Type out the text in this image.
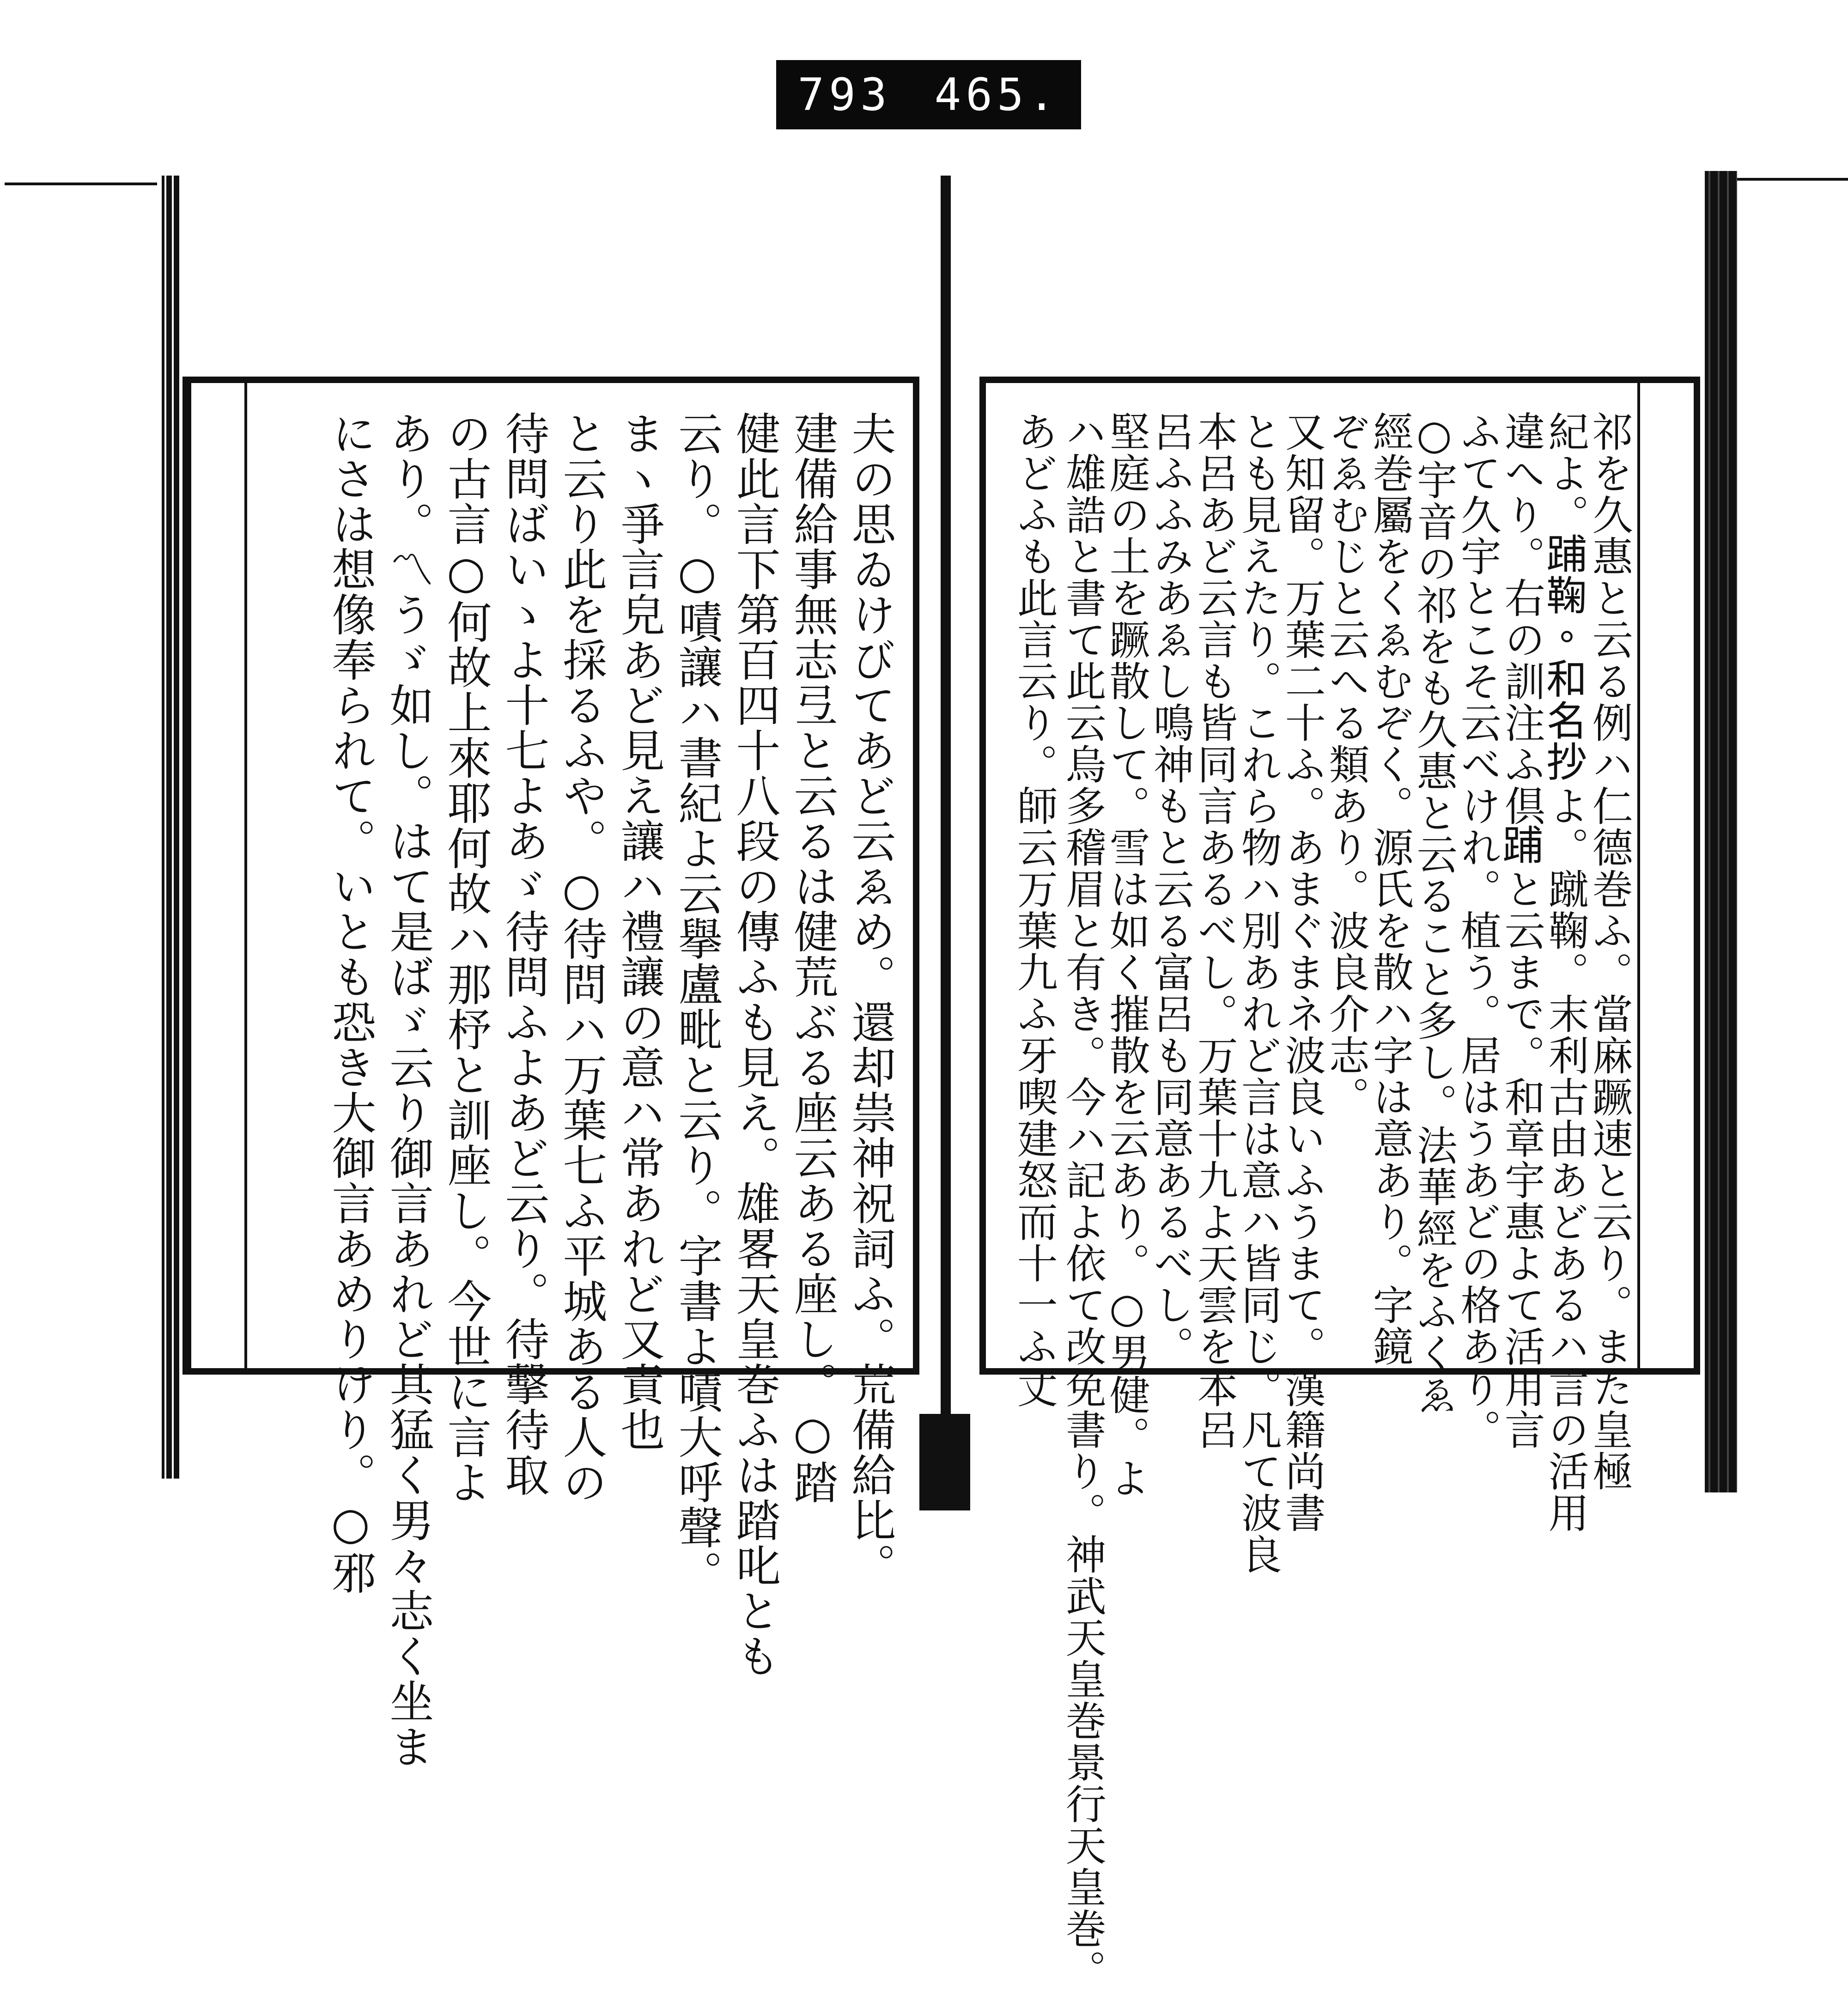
793 465.
夫の思ゐけびてあど云ゑめ。還却祟神祝詞ふ。荒備給比。
建備給事無志弖と云るは健荒ぶる𫝶云ある𫝶し。○踏
健此言下第百四十八段の傳ふも見え。雄畧天皇巻ふは踏叱とも
云り。○嘖讓ハ書紀よ云擧盧毗と云り。字書よ嘖大呼聲。
まヽ爭言皃あど見え讓ハ禮讓の意ハ常あれど又責也
と云り此を採るふや。○待問ハ万葉七ふ平城ある人の
待問ばいゝよ十七よあゞ待問ふよあど云り。待擊待取
の古言○何故上來耶何故ハ那杼と訓𫝶し。今世に言よ
あり。〽うゞ如し。はて是ばゞ云り御言あれど其猛く男々志く坐ま
にさは想像奉られて。いとも恐き大御言あめりけり。○邪	祁を久惠と云る例ハ仁德巻ふ。當麻蹶速と云り。また皇極
紀よ。𨁏鞠。和名抄よ。蹴鞠。末利古由あどあるハ言の活用
違へり。右の訓注ふ倶𨁏と云まで。和章宇惠よて活用言
ふて久宇とこそ云べけれ。植う。居はうあどの格あり。
○宇音の祁をも久惠と云ること多し。法華經をふくゑ
經巻屬をくゑむぞく。源氏を散ハ字は意あり。字鏡
ぞゑむじと云へる類あり。波良介志。
又知留。万葉二十ふ。あまぐまネ波良いふうまて。漢籍尚書
とも見えたり。これら物ハ別あれど言は意ハ皆同じ。凡て波良
本呂あど云言も皆同言あるべし。万葉十九よ天雲を本呂
呂ふふみあゑし鳴神もと云る富呂も同意あるべし。
堅庭の土を蹶散して。雪は如く摧散を云あり。○男健。よ
ハ雄誥と書て此云烏多稽眉と有き。今ハ記よ依て改免書り。神武天皇巻景行天皇巻。
あどふも此言云り。師云万葉九ふ牙喫建怒而十一ふ丈
